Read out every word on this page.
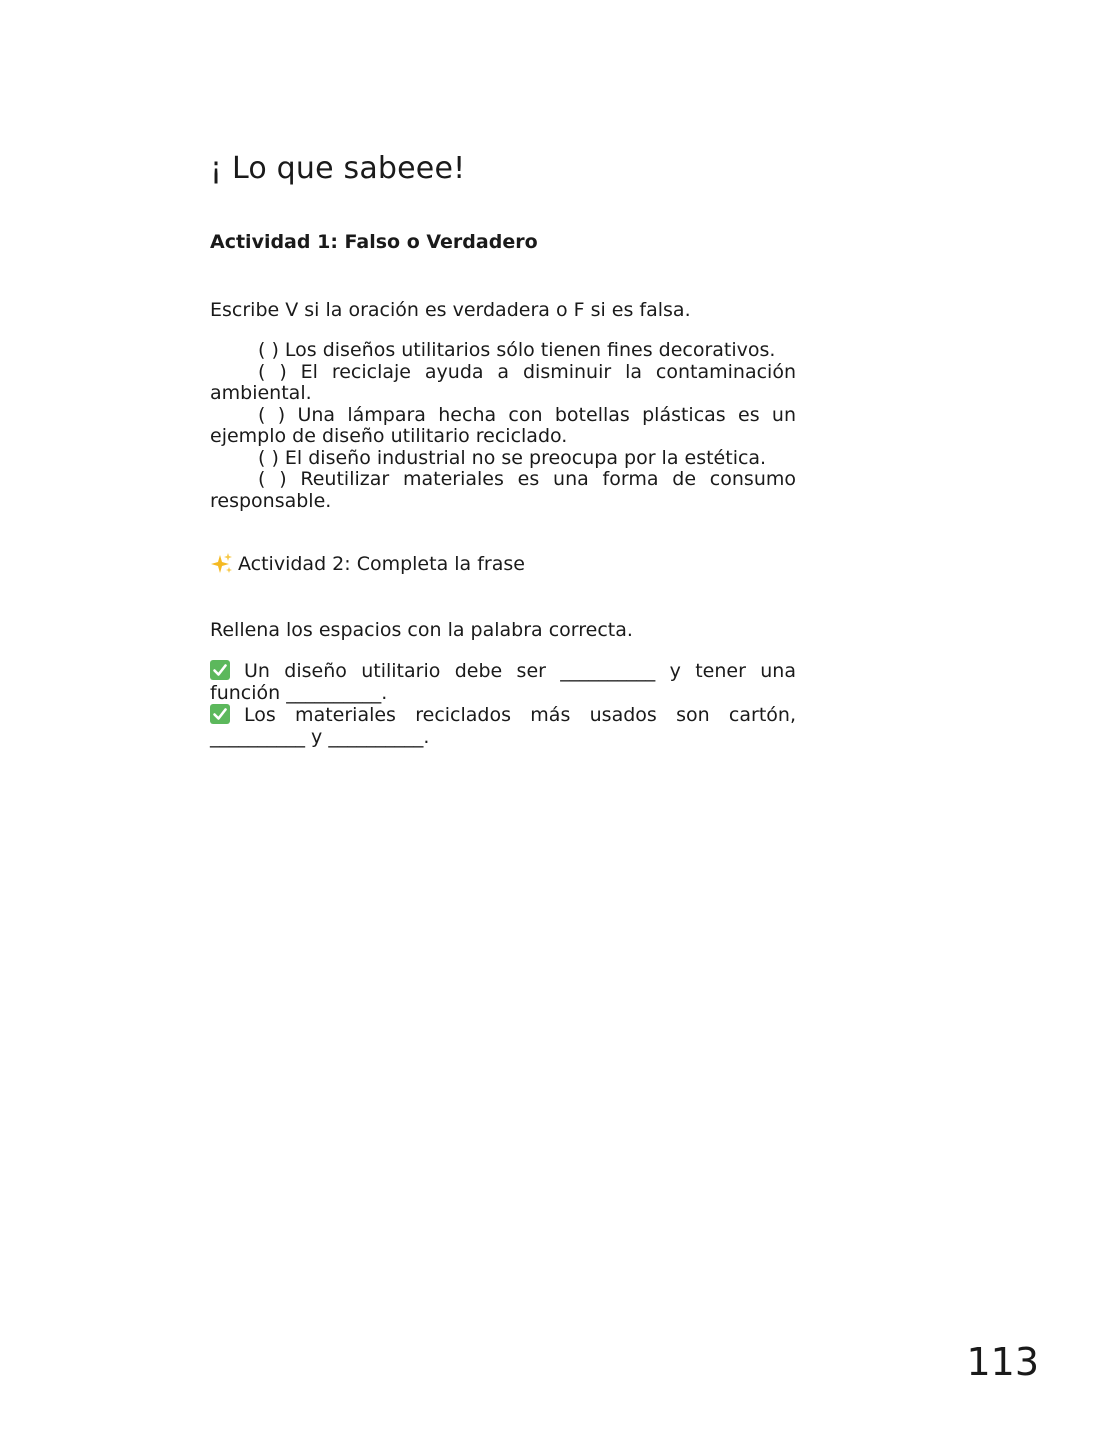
¡ Lo que sabeee!
Actividad 1: Falso o Verdadero

Escribe V si la oración es verdadera o F si es falsa.

( ) Los diseños utilitarios sólo tienen fines decorativos.
( ) El reciclaje ayuda a disminuir la contaminación ambiental.
( ) Una lámpara hecha con botellas plásticas es un ejemplo de diseño utilitario reciclado.
( ) El diseño industrial no se preocupa por la estética.
( ) Reutilizar materiales es una forma de consumo responsable.
Actividad 2: Completa la frase

Rellena los espacios con la palabra correcta.

Un diseño utilitario debe ser __________ y tener una función __________.
Los materiales reciclados más usados son cartón, __________ y __________.
113
